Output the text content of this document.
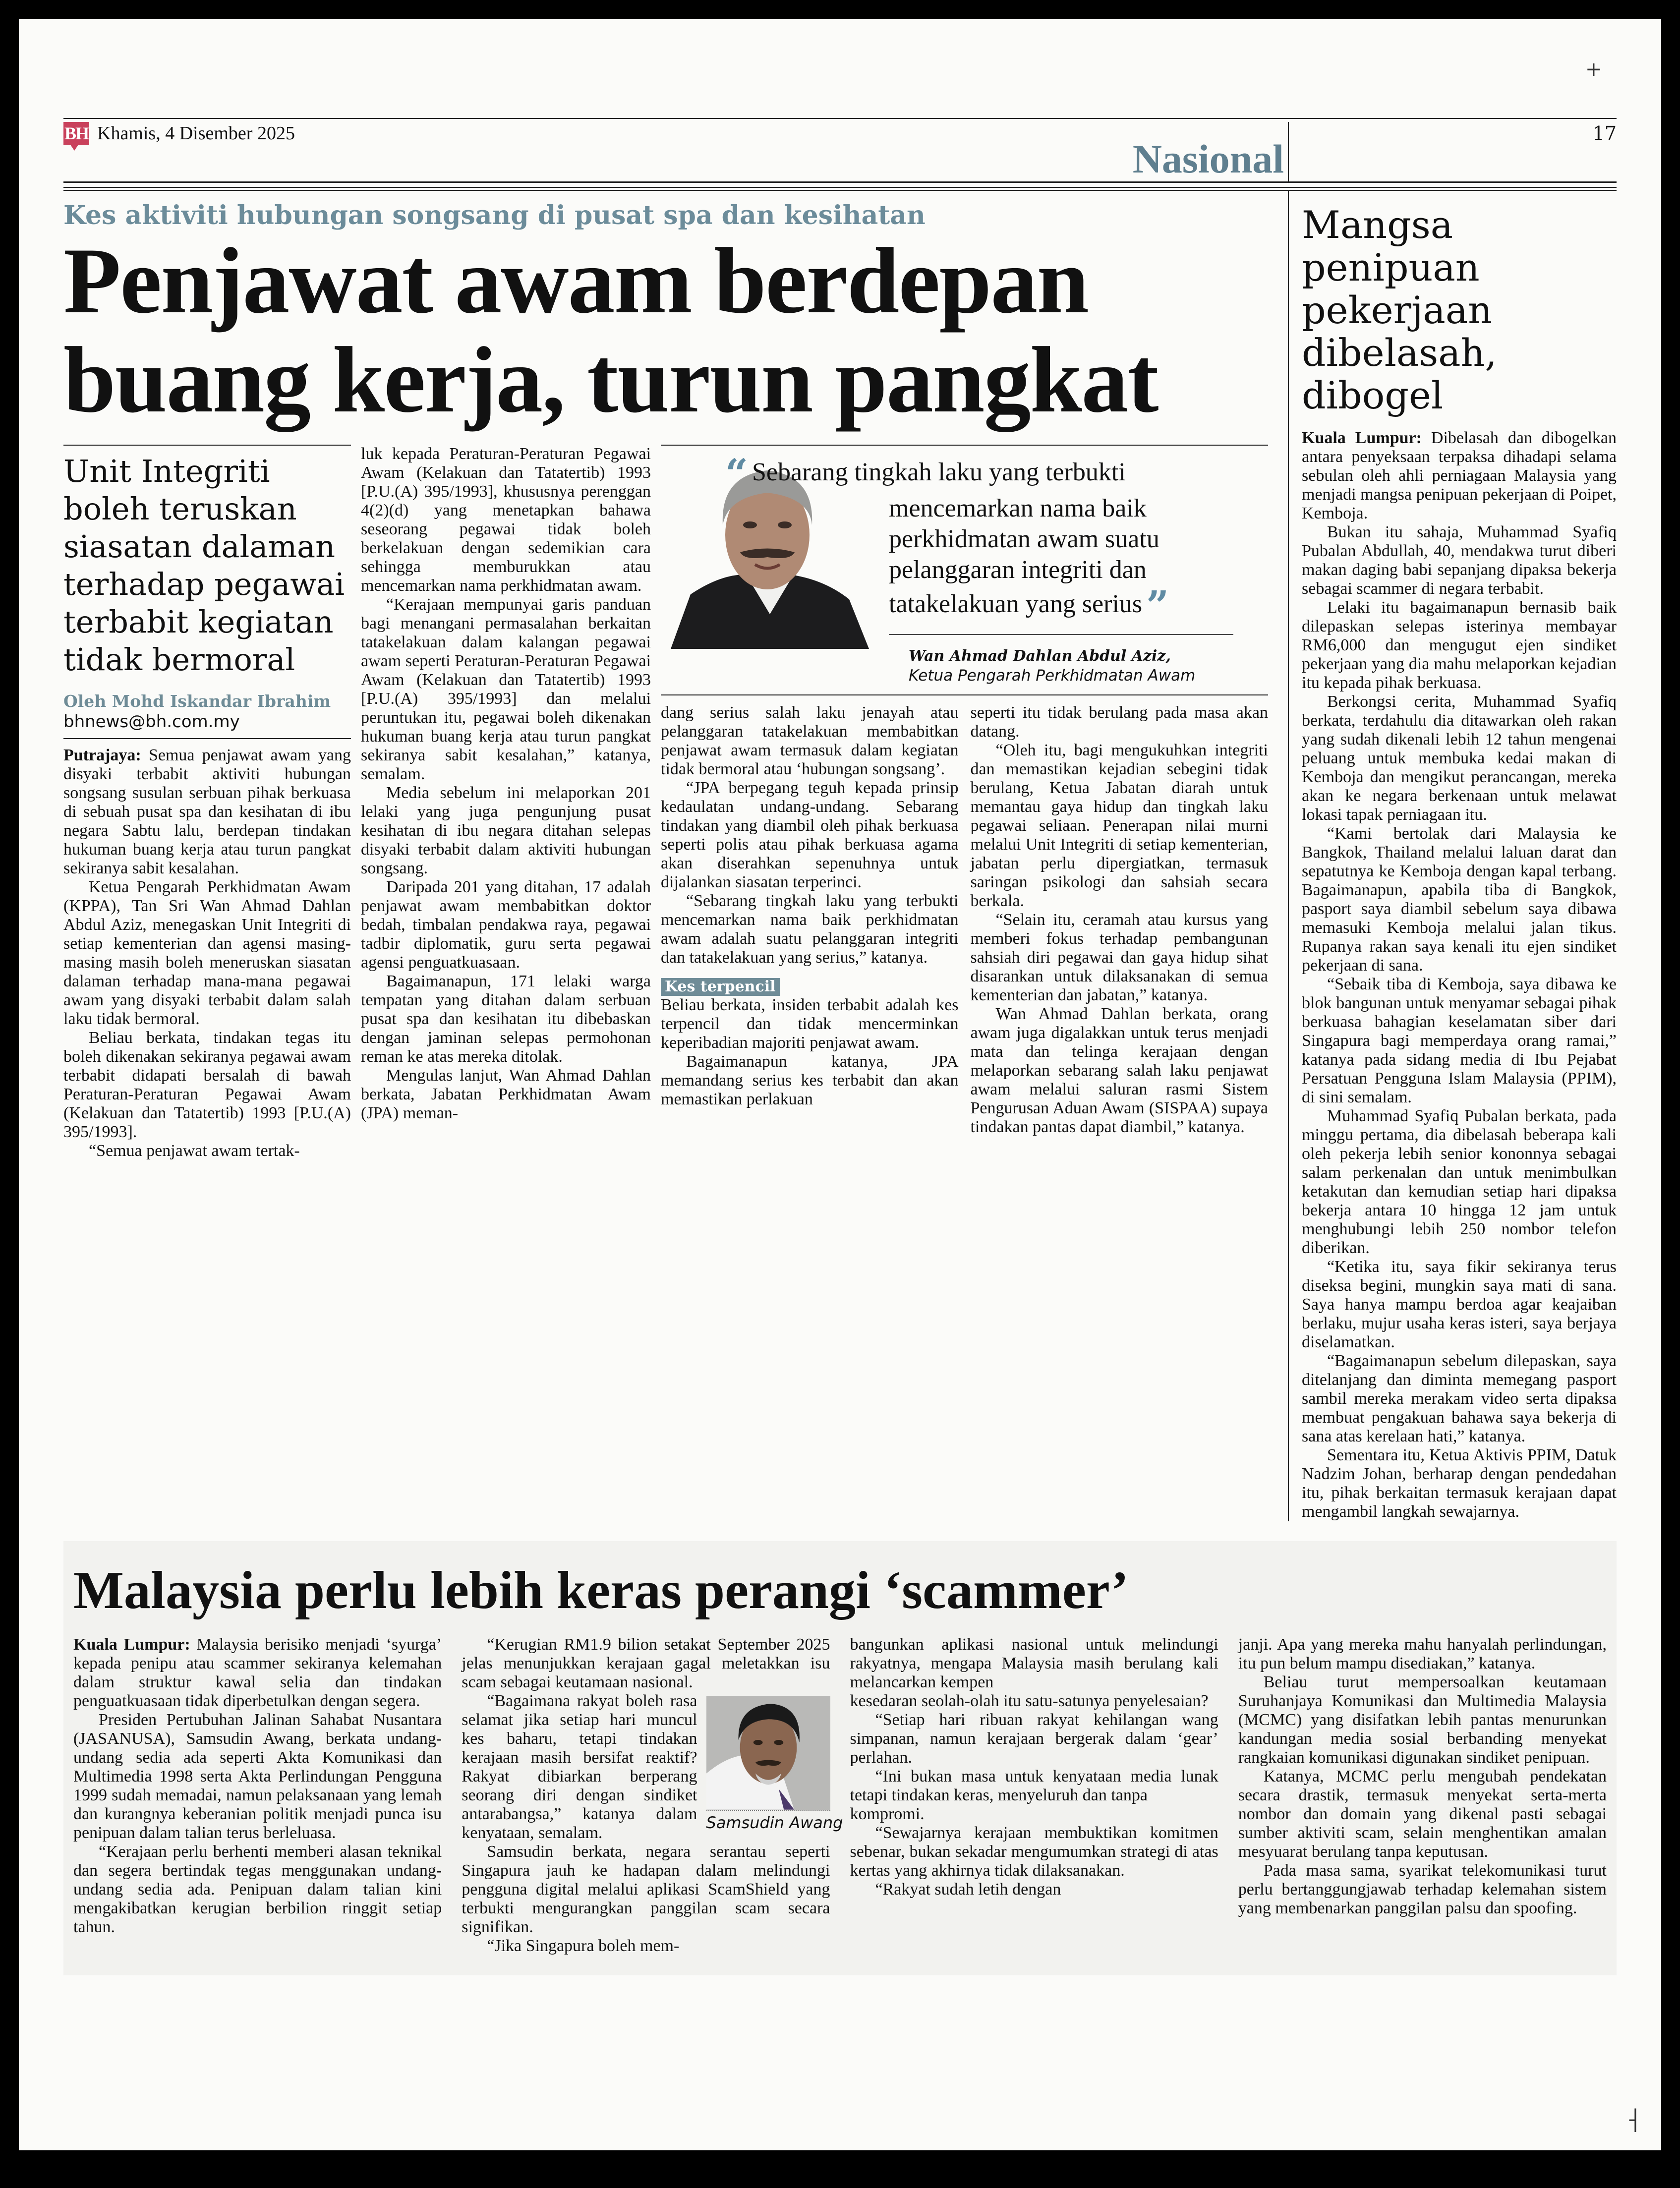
+
┤
BH Khamis, 4 Disember 2025
Nasional
17
Kes aktiviti hubungan songsang di pusat spa dan kesihatan
Penjawat awam berdepan
buang kerja, turun pangkat
Unit Integriti boleh teruskan siasatan dalaman terhadap pegawai terbabit kegiatan tidak bermoral
Oleh Mohd Iskandar Ibrahim
bhnews@bh.com.my

Putrajaya: Semua penjawat awam yang disyaki terbabit aktiviti hubungan songsang susulan serbuan pihak berkuasa di sebuah pusat spa dan kesihatan di ibu negara Sabtu lalu, berdepan tindakan hukuman buang kerja atau turun pangkat sekiranya sabit kesalahan.

Ketua Pengarah Perkhidmatan Awam (KPPA), Tan Sri Wan Ahmad Dahlan Abdul Aziz, menegaskan Unit Integriti di setiap kementerian dan agensi masing-masing masih boleh meneruskan siasatan dalaman terhadap mana-mana pegawai awam yang disyaki terbabit dalam salah laku tidak bermoral.

Beliau berkata, tindakan tegas itu boleh dikenakan sekiranya pegawai awam terbabit didapati bersalah di bawah Peraturan-Peraturan Pegawai Awam (Kelakuan dan Tatatertib) 1993 [P.U.(A) 395/1993].

“Semua penjawat awam tertak-

luk kepada Peraturan-Peraturan Pegawai Awam (Kelakuan dan Tatatertib) 1993 [P.U.(A) 395/1993], khususnya perenggan 4(2)(d) yang menetapkan bahawa seseorang pegawai tidak boleh berkelakuan dengan sedemikian cara sehingga memburukkan atau mencemarkan nama perkhidmatan awam.

“Kerajaan mempunyai garis panduan bagi menangani permasalahan berkaitan tatakelakuan dalam kalangan pegawai awam seperti Peraturan-Peraturan Pegawai Awam (Kelakuan dan Tatatertib) 1993 [P.U.(A) 395/1993] dan melalui peruntukan itu, pegawai boleh dikenakan hukuman buang kerja atau turun pangkat sekiranya sabit kesalahan,” katanya, semalam.

Media sebelum ini melaporkan 201 lelaki yang juga pengunjung pusat kesihatan di ibu negara ditahan selepas disyaki terbabit dalam aktiviti hubungan songsang.

Daripada 201 yang ditahan, 17 adalah penjawat awam membabitkan doktor bedah, timbalan pendakwa raya, pegawai tadbir diplomatik, guru serta pegawai agensi penguatkuasaan.

Bagaimanapun, 171 lelaki warga tempatan yang ditahan dalam serbuan pusat spa dan kesihatan itu dibebaskan dengan jaminan selepas permohonan reman ke atas mereka ditolak.

Mengulas lanjut, Wan Ahmad Dahlan berkata, Jabatan Perkhidmatan Awam (JPA) meman-

“ Sebarang tingkah laku yang terbukti
mencemarkan nama baik
perkhidmatan awam suatu
pelanggaran integriti dan
tatakelakuan yang serius ”
Wan Ahmad Dahlan Abdul Aziz,
Ketua Pengarah Perkhidmatan Awam

dang serius salah laku jenayah atau pelanggaran tatakelakuan membabitkan penjawat awam termasuk dalam kegiatan tidak bermoral atau ‘hubungan songsang’.

“JPA berpegang teguh kepada prinsip kedaulatan undang-undang. Sebarang tindakan yang diambil oleh pihak berkuasa seperti polis atau pihak berkuasa agama akan diserahkan sepenuhnya untuk dijalankan siasatan terperinci.

“Sebarang tingkah laku yang terbukti mencemarkan nama baik perkhidmatan awam adalah suatu pelanggaran integriti dan tatakelakuan yang serius,” katanya.

Kes terpencil

Beliau berkata, insiden terbabit adalah kes terpencil dan tidak mencerminkan keperibadian majoriti penjawat awam.

Bagaimanapun katanya, JPA memandang serius kes terbabit dan akan memastikan perlakuan

seperti itu tidak berulang pada masa akan datang.

“Oleh itu, bagi mengukuhkan integriti dan memastikan kejadian sebegini tidak berulang, Ketua Jabatan diarah untuk memantau gaya hidup dan tingkah laku pegawai seliaan. Penerapan nilai murni melalui Unit Integriti di setiap kementerian, jabatan perlu dipergiatkan, termasuk saringan psikologi dan sahsiah secara berkala.

“Selain itu, ceramah atau kursus yang memberi fokus terhadap pembangunan sahsiah diri pegawai dan gaya hidup sihat disarankan untuk dilaksanakan di semua kementerian dan jabatan,” katanya.

Wan Ahmad Dahlan berkata, orang awam juga digalakkan untuk terus menjadi mata dan telinga kerajaan dengan melaporkan sebarang salah laku penjawat awam melalui saluran rasmi Sistem Pengurusan Aduan Awam (SISPAA) supaya tindakan pantas dapat diambil,” katanya.

Mangsa penipuan pekerjaan dibelasah, dibogel

Kuala Lumpur: Dibelasah dan dibogelkan antara penyeksaan terpaksa dihadapi selama sebulan oleh ahli perniagaan Malaysia yang menjadi mangsa penipuan pekerjaan di Poipet, Kemboja.

Bukan itu sahaja, Muhammad Syafiq Pubalan Abdullah, 40, mendakwa turut diberi makan daging babi sepanjang dipaksa bekerja sebagai scammer di negara terbabit.

Lelaki itu bagaimanapun bernasib baik dilepaskan selepas isterinya membayar RM6,000 dan mengugut ejen sindiket pekerjaan yang dia mahu melaporkan kejadian itu kepada pihak berkuasa.

Berkongsi cerita, Muhammad Syafiq berkata, terdahulu dia ditawarkan oleh rakan yang sudah dikenali lebih 12 tahun mengenai peluang untuk membuka kedai makan di Kemboja dan mengikut perancangan, mereka akan ke negara berkenaan untuk melawat lokasi tapak perniagaan itu.

“Kami bertolak dari Malaysia ke Bangkok, Thailand melalui laluan darat dan sepatutnya ke Kemboja dengan kapal terbang. Bagaimanapun, apabila tiba di Bangkok, pasport saya diambil sebelum saya dibawa memasuki Kemboja melalui jalan tikus. Rupanya rakan saya kenali itu ejen sindiket pekerjaan di sana.

“Sebaik tiba di Kemboja, saya dibawa ke blok bangunan untuk menyamar sebagai pihak berkuasa bahagian keselamatan siber dari Singapura bagi memperdaya orang ramai,” katanya pada sidang media di Ibu Pejabat Persatuan Pengguna Islam Malaysia (PPIM), di sini semalam.

Muhammad Syafiq Pubalan berkata, pada minggu pertama, dia dibelasah beberapa kali oleh pekerja lebih senior kononnya sebagai salam perkenalan dan untuk menimbulkan ketakutan dan kemudian setiap hari dipaksa bekerja antara 10 hingga 12 jam untuk menghubungi lebih 250 nombor telefon diberikan.

“Ketika itu, saya fikir sekiranya terus diseksa begini, mungkin saya mati di sana. Saya hanya mampu berdoa agar keajaiban berlaku, mujur usaha keras isteri, saya berjaya diselamatkan.

“Bagaimanapun sebelum dilepaskan, saya ditelanjang dan diminta memegang pasport sambil mereka merakam video serta dipaksa membuat pengakuan bahawa saya bekerja di sana atas kerelaan hati,” katanya.

Sementara itu, Ketua Aktivis PPIM, Datuk Nadzim Johan, berharap dengan pendedahan itu, pihak berkaitan termasuk kerajaan dapat mengambil langkah sewajarnya.

Malaysia perlu lebih keras perangi ‘scammer’

Kuala Lumpur: Malaysia berisiko menjadi ‘syurga’ kepada penipu atau scammer sekiranya kelemahan dalam struktur kawal selia dan tindakan penguatkuasaan tidak diperbetulkan dengan segera.

Presiden Pertubuhan Jalinan Sahabat Nusantara (JASANUSA), Samsudin Awang, berkata undang-undang sedia ada seperti Akta Komunikasi dan Multimedia 1998 serta Akta Perlindungan Pengguna 1999 sudah memadai, namun pelaksanaan yang lemah dan kurangnya keberanian politik menjadi punca isu penipuan dalam talian terus berleluasa.

“Kerajaan perlu berhenti memberi alasan teknikal dan segera bertindak tegas menggunakan undang-undang sedia ada. Penipuan dalam talian kini mengakibatkan kerugian berbilion ringgit setiap tahun.

“Kerugian RM1.9 bilion setakat September 2025 jelas menunjukkan kerajaan gagal meletakkan isu scam sebagai keutamaan nasional.

Samsudin Awang

“Bagaimana rakyat boleh rasa selamat jika setiap hari muncul kes baharu, tetapi tindakan kerajaan masih bersifat reaktif? Rakyat dibiarkan berperang seorang diri dengan sindiket antarabangsa,” katanya dalam kenyataan, semalam.

Samsudin berkata, negara serantau seperti Singapura jauh ke hadapan dalam melindungi pengguna digital melalui aplikasi ScamShield yang terbukti mengurangkan panggilan scam secara signifikan.

“Jika Singapura boleh mem-

bangunkan aplikasi nasional untuk melindungi rakyatnya, mengapa Malaysia masih berulang kali melancarkan kempen

kesedaran seolah-olah itu satu-satunya penyelesaian?

“Setiap hari ribuan rakyat kehilangan wang simpanan, namun kerajaan bergerak dalam ‘gear’ perlahan.

“Ini bukan masa untuk kenyataan media lunak tetapi tindakan keras, menyeluruh dan tanpa

kompromi.

“Sewajarnya kerajaan membuktikan komitmen sebenar, bukan sekadar mengumumkan strategi di atas kertas yang akhirnya tidak dilaksanakan.

“Rakyat sudah letih dengan

janji. Apa yang mereka mahu hanyalah perlindungan, itu pun belum mampu disediakan,” katanya.

Beliau turut mempersoalkan keutamaan Suruhanjaya Komunikasi dan Multimedia Malaysia (MCMC) yang disifatkan lebih pantas menurunkan kandungan media sosial berbanding menyekat rangkaian komunikasi digunakan sindiket penipuan.

Katanya, MCMC perlu mengubah pendekatan secara drastik, termasuk menyekat serta-merta nombor dan domain yang dikenal pasti sebagai sumber aktiviti scam, selain menghentikan amalan mesyuarat berulang tanpa keputusan.

Pada masa sama, syarikat telekomunikasi turut perlu bertanggungjawab terhadap kelemahan sistem yang membenarkan panggilan palsu dan spoofing.
